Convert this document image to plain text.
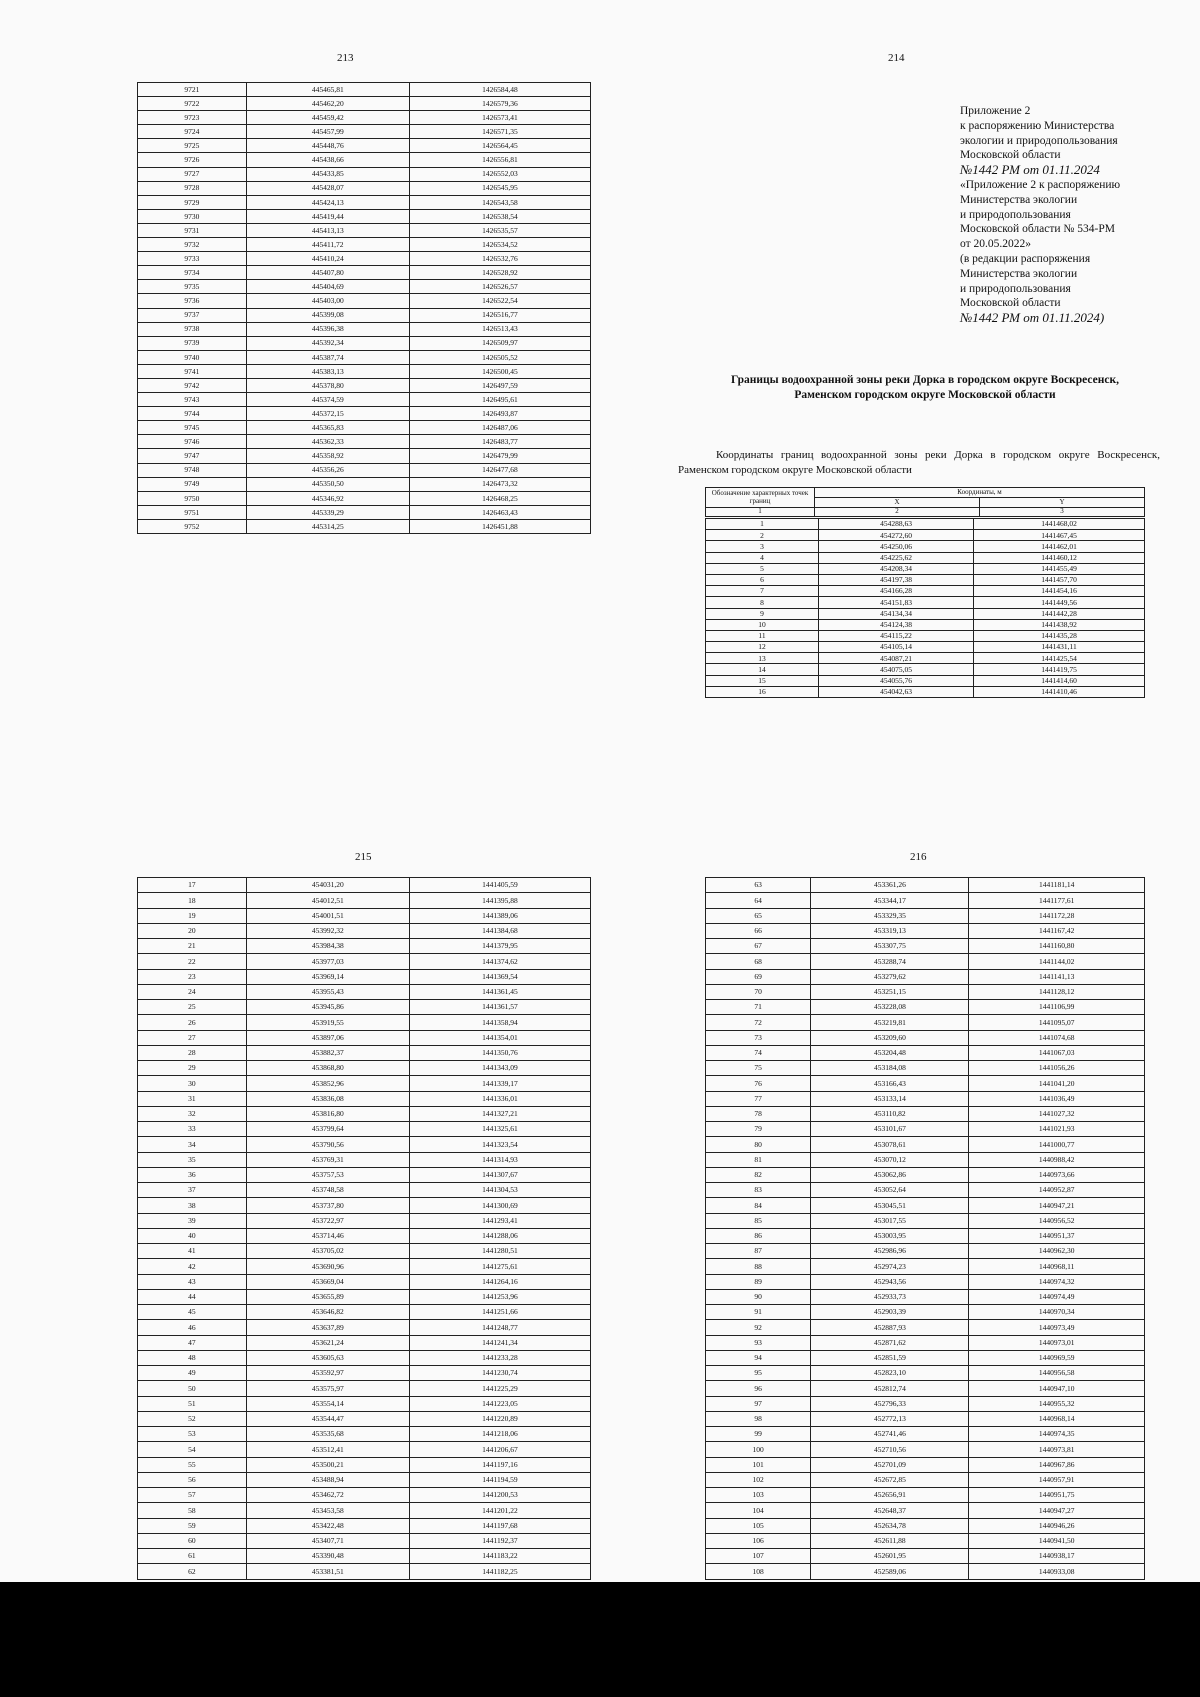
213
9721	445465,81	1426584,48
9722	445462,20	1426579,36
9723	445459,42	1426573,41
9724	445457,99	1426571,35
9725	445448,76	1426564,45
9726	445438,66	1426556,81
9727	445433,85	1426552,03
9728	445428,07	1426545,95
9729	445424,13	1426543,58
9730	445419,44	1426538,54
9731	445413,13	1426535,57
9732	445411,72	1426534,52
9733	445410,24	1426532,76
9734	445407,80	1426528,92
9735	445404,69	1426526,57
9736	445403,00	1426522,54
9737	445399,08	1426516,77
9738	445396,38	1426513,43
9739	445392,34	1426509,97
9740	445387,74	1426505,52
9741	445383,13	1426500,45
9742	445378,80	1426497,59
9743	445374,59	1426495,61
9744	445372,15	1426493,87
9745	445365,83	1426487,06
9746	445362,33	1426483,77
9747	445358,92	1426479,99
9748	445356,26	1426477,68
9749	445350,50	1426473,32
9750	445346,92	1426468,25
9751	445339,29	1426463,43
9752	445314,25	1426451,88
214
Приложение 2
к распоряжению Министерства
экологии и природопользования
Московской области
№1442 РМ от 01.11.2024
«Приложение 2 к распоряжению
Министерства экологии
и природопользования
Московской области № 534-РМ
от 20.05.2022»
(в редакции распоряжения
Министерства экологии
и природопользования
Московской области
№1442 РМ от 01.11.2024)
Границы водоохранной зоны реки Дорка в городском округе Воскресенск,
Раменском городском округе Московской области
Координаты границ водоохранной зоны реки Дорка в городском округе Воскресенск, Раменском городском округе Московской области
Обозначение характерных точек границ	Координаты, м	
	X	Y
1	2	3
1	454288,63	1441468,02
2	454272,60	1441467,45
3	454250,06	1441462,01
4	454225,62	1441460,12
5	454208,34	1441455,49
6	454197,38	1441457,70
7	454166,28	1441454,16
8	454151,83	1441449,56
9	454134,34	1441442,28
10	454124,38	1441438,92
11	454115,22	1441435,28
12	454105,14	1441431,11
13	454087,21	1441425,54
14	454075,05	1441419,75
15	454055,76	1441414,60
16	454042,63	1441410,46
215
17	454031,20	1441405,59
18	454012,51	1441395,88
19	454001,51	1441389,06
20	453992,32	1441384,68
21	453984,38	1441379,95
22	453977,03	1441374,62
23	453969,14	1441369,54
24	453955,43	1441361,45
25	453945,86	1441361,57
26	453919,55	1441358,94
27	453897,06	1441354,01
28	453882,37	1441350,76
29	453868,80	1441343,09
30	453852,96	1441339,17
31	453836,08	1441336,01
32	453816,80	1441327,21
33	453799,64	1441325,61
34	453790,56	1441323,54
35	453769,31	1441314,93
36	453757,53	1441307,67
37	453748,58	1441304,53
38	453737,80	1441300,69
39	453722,97	1441293,41
40	453714,46	1441288,06
41	453705,02	1441280,51
42	453690,96	1441275,61
43	453669,04	1441264,16
44	453655,89	1441253,96
45	453646,82	1441251,66
46	453637,89	1441248,77
47	453621,24	1441241,34
48	453605,63	1441233,28
49	453592,97	1441230,74
50	453575,97	1441225,29
51	453554,14	1441223,05
52	453544,47	1441220,89
53	453535,68	1441218,06
54	453512,41	1441206,67
55	453500,21	1441197,16
56	453488,94	1441194,59
57	453462,72	1441200,53
58	453453,58	1441201,22
59	453422,48	1441197,68
60	453407,71	1441192,37
61	453390,48	1441183,22
62	453381,51	1441182,25
216
63	453361,26	1441181,14
64	453344,17	1441177,61
65	453329,35	1441172,28
66	453319,13	1441167,42
67	453307,75	1441160,80
68	453288,74	1441144,02
69	453279,62	1441141,13
70	453251,15	1441128,12
71	453228,08	1441106,99
72	453219,81	1441095,07
73	453209,60	1441074,68
74	453204,48	1441067,03
75	453184,08	1441056,26
76	453166,43	1441041,20
77	453133,14	1441036,49
78	453110,82	1441027,32
79	453101,67	1441021,93
80	453078,61	1441000,77
81	453070,12	1440988,42
82	453062,86	1440973,66
83	453052,64	1440952,87
84	453045,51	1440947,21
85	453017,55	1440956,52
86	453003,95	1440951,37
87	452986,96	1440962,30
88	452974,23	1440968,11
89	452943,56	1440974,32
90	452933,73	1440974,49
91	452903,39	1440970,34
92	452887,93	1440973,49
93	452871,62	1440973,01
94	452851,59	1440969,59
95	452823,10	1440956,58
96	452812,74	1440947,10
97	452796,33	1440955,32
98	452772,13	1440968,14
99	452741,46	1440974,35
100	452710,56	1440973,81
101	452701,09	1440967,86
102	452672,85	1440957,91
103	452656,91	1440951,75
104	452648,37	1440947,27
105	452634,78	1440946,26
106	452611,88	1440941,50
107	452601,95	1440938,17
108	452589,06	1440933,08
